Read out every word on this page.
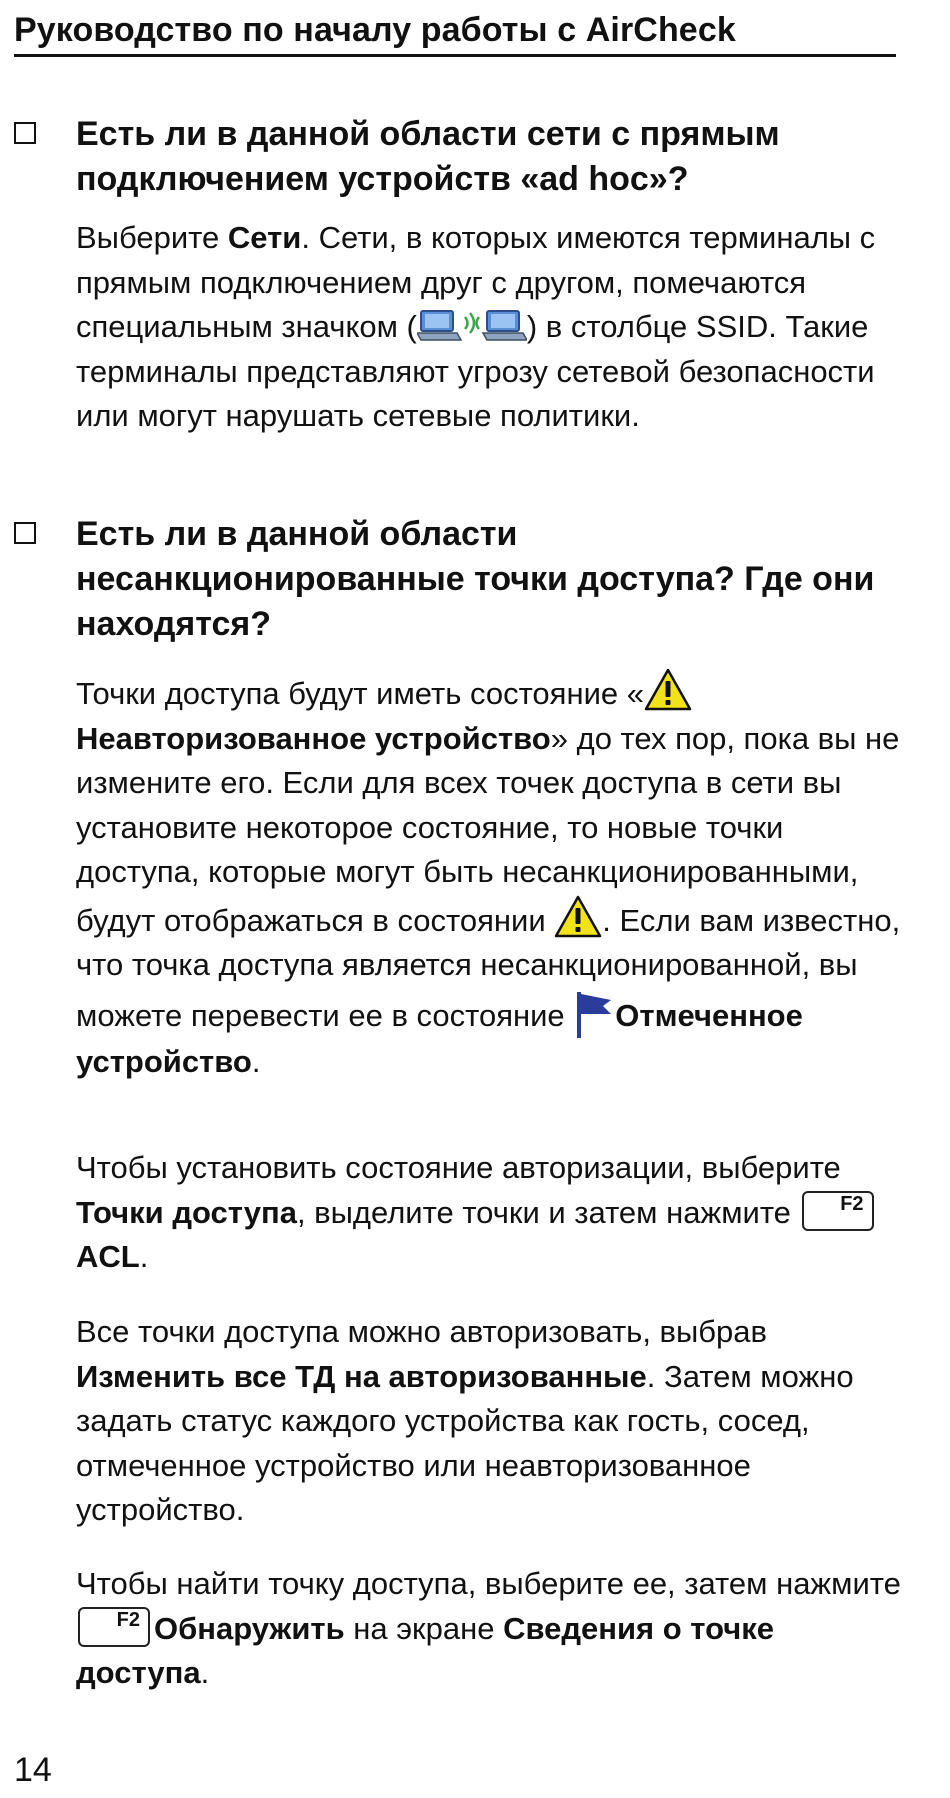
Руководство по началу работы с AirCheck

Есть ли в данной области сети с прямым подключением устройств «ad hoc»?

Выберите Сети. Сети, в которых имеются терминалы с прямым подключением друг с другом, помечаются специальным значком (	) в столбце SSID. Такие терминалы представляют угрозу сетевой безопасности или могут нарушать сетевые политики.

Есть ли в данной области несанкционированные точки доступа? Где они находятся?

Точки доступа будут иметь состояние «Неавторизованное устройство» до тех пор, пока вы не измените его. Если для всех точек доступа в сети вы установите некоторое состояние, то новые точки доступа, которые могут быть несанкционированными, будут отображаться в состоянии . Если вам известно, что точка доступа является несанкционированной, вы можете перевести ее в состояние Отмеченное устройство.

Чтобы установить состояние авторизации, выберите Точки доступа, выделите точки и затем нажмите F2
ACL.

Все точки доступа можно авторизовать, выбрав Изменить все ТД на авторизованные. Затем можно задать статус каждого устройства как гость, сосед, отмеченное устройство или неавторизованное устройство.

Чтобы найти точку доступа, выберите ее, затем нажмите
F2 Обнаружить на экране Сведения о точке доступа.

14
